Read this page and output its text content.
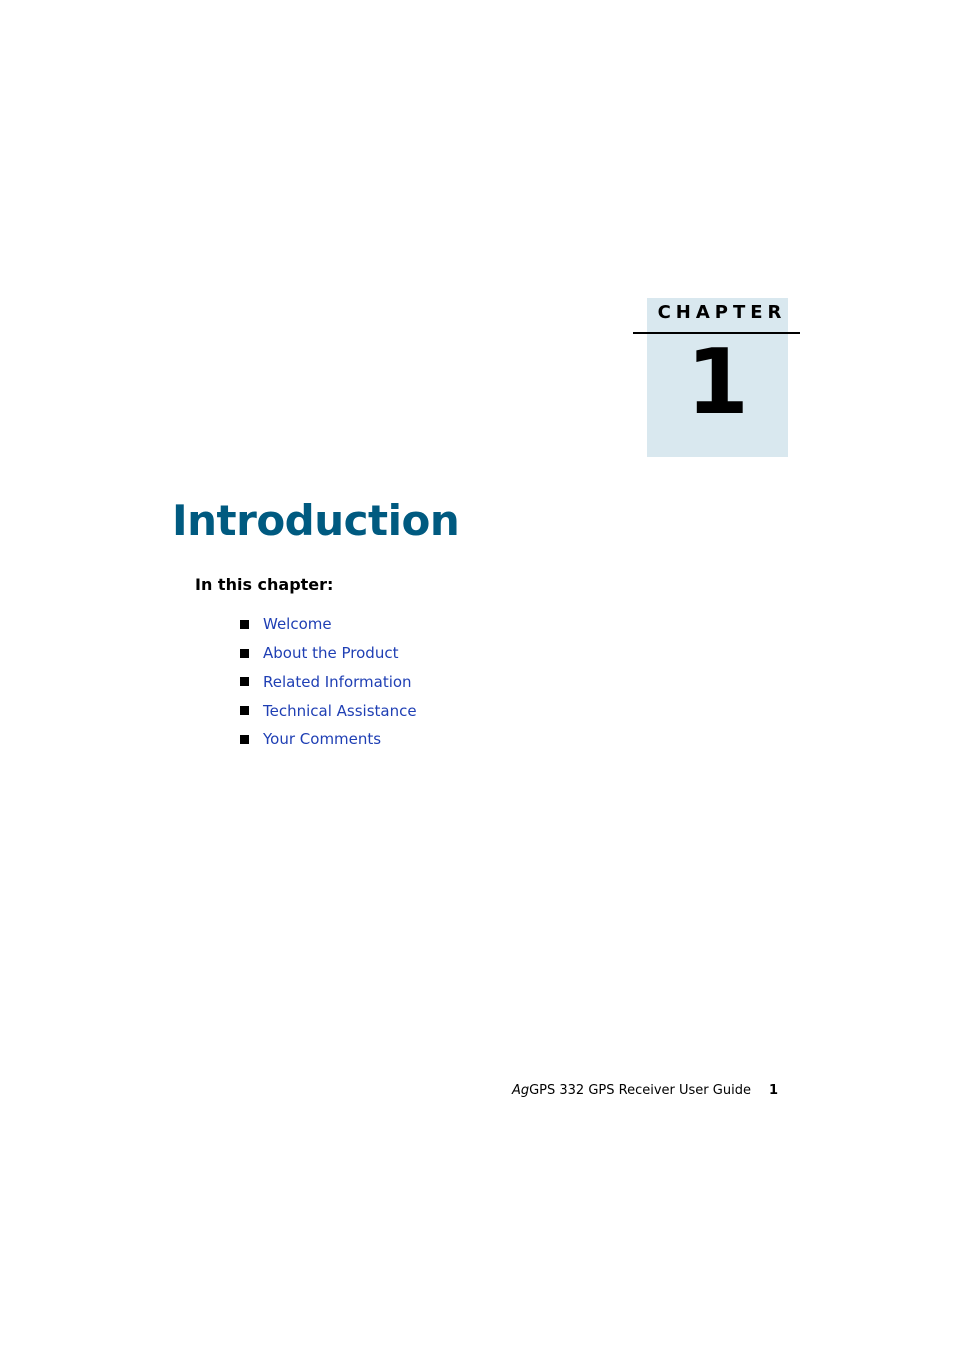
CHAPTER
1
Introduction
In this chapter:
Welcome
About the Product
Related Information
Technical Assistance
Your Comments
AgGPS 332 GPS Receiver User Guide 1
